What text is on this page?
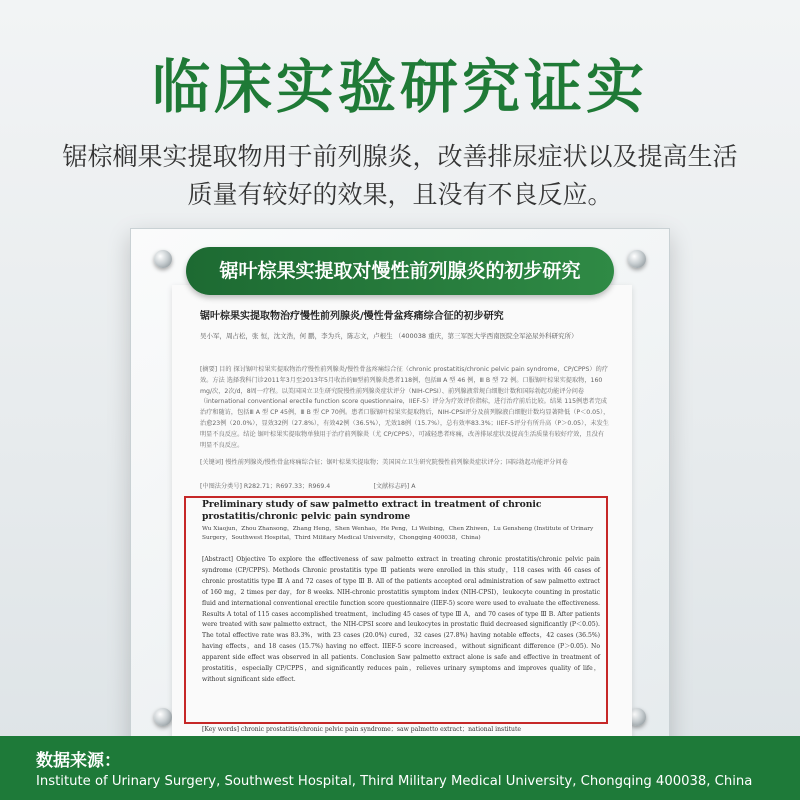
临床实验研究证实
锯棕榈果实提取物用于前列腺炎，改善排尿症状以及提高生活
质量有较好的效果，且没有不良反应。
锯叶棕果实提取物治疗慢性前列腺炎/慢性骨盆疼痛综合征的初步研究
吴小军，周占松，张 恒，沈文浩，何 鹏，李为兵，陈志文，卢根生 （400038 重庆，第三军医大学西南医院全军泌尿外科研究所）
[摘要] 目的 探讨锯叶棕果实提取物治疗慢性前列腺炎/慢性骨盆疼痛综合征（chronic prostatitis/chronic pelvic pain syndrome，CP/CPPS）的疗效。方法 选择我科门诊2011年3月至2013年5月收治的Ⅲ型前列腺炎患者118例，包括Ⅲ A 型 46 例，Ⅲ B 型 72 例。口服锯叶棕果实提取物，160 mg/次，2次/d，8周一疗程。以美国国立卫生研究院慢性前列腺炎症状评分（NIH-CPSI）、前列腺液常规白细胞计数和国际勃起功能评分问卷（international conventional erectile function score questionnaire，IIEF-5）评分为疗效评价指标，进行治疗前后比较。结果 115例患者完成治疗和随访，包括Ⅲ A 型 CP 45例，Ⅲ B 型 CP 70例。患者口服锯叶棕果实提取物后，NIH-CPSI评分及前列腺液白细胞计数均显著降低（P＜0.05），治愈23例（20.0%），显效32例（27.8%），有效42例（36.5%），无效18例（15.7%），总有效率83.3%；IIEF-5评分有所升高（P＞0.05），未发生明显不良反应。结论 锯叶棕果实提取物单独用于治疗前列腺炎（尤 CP/CPPS），可减轻患者疼痛，改善排尿症状及提高生活质量有较好疗效，且没有明显不良反应。
[关键词] 慢性前列腺炎/慢性骨盆疼痛综合征；锯叶棕果实提取物；美国国立卫生研究院慢性前列腺炎症状评分；国际勃起功能评分问卷
[中图法分类号] R282.71；R697.33；R969.4　　　　　　　[文献标志码] A
Preliminary study of saw palmetto extract in treatment of chronic prostatitis/chronic pelvic pain syndrome
Wu Xiaojun，Zhou Zhansong，Zhang Heng，Shen Wenhao，He Peng，Li Weibing，Chen Zhiwen，Lu Gensheng (Institute of Urinary Surgery，Southwest Hospital，Third Military Medical University，Chongqing 400038，China)
[Abstract] Objective To explore the effectiveness of saw palmetto extract in treating chronic prostatitis/chronic pelvic pain syndrome (CP/CPPS). Methods Chronic prostatitis type Ⅲ patients were enrolled in this study，118 cases with 46 cases of chronic prostatitis type Ⅲ A and 72 cases of type Ⅲ B. All of the patients accepted oral administration of saw palmetto extract of 160 mg，2 times per day，for 8 weeks. NIH-chronic prostatitis symptom index (NIH-CPSI)，leukocyte counting in prostatic fluid and international conventional erectile function score questionnaire (IIEF-5) score were used to evaluate the effectiveness. Results A total of 115 cases accomplished treatment，including 45 cases of type Ⅲ A，and 70 cases of type Ⅲ B. After patients were treated with saw palmetto extract，the NIH-CPSI score and leukocytes in prostatic fluid decreased significantly (P＜0.05). The total effective rate was 83.3%，with 23 cases (20.0%) cured，32 cases (27.8%) having notable effects，42 cases (36.5%) having effects，and 18 cases (15.7%) having no effect. IIEF-5 score increased，without significant difference (P＞0.05). No apparent side effect was observed in all patients. Conclusion Saw palmetto extract alone is safe and effective in treatment of prostatitis，especially CP/CPPS，and significantly reduces pain，relieves urinary symptoms and improves quality of life，without significant side effect.
[Key words] chronic prostatitis/chronic pelvic pain syndrome；saw palmetto extract；national institute
锯叶棕果实提取对慢性前列腺炎的初步研究
数据来源：
Institute of Urinary Surgery, Southwest Hospital, Third Military Medical University, Chongqing 400038, China
